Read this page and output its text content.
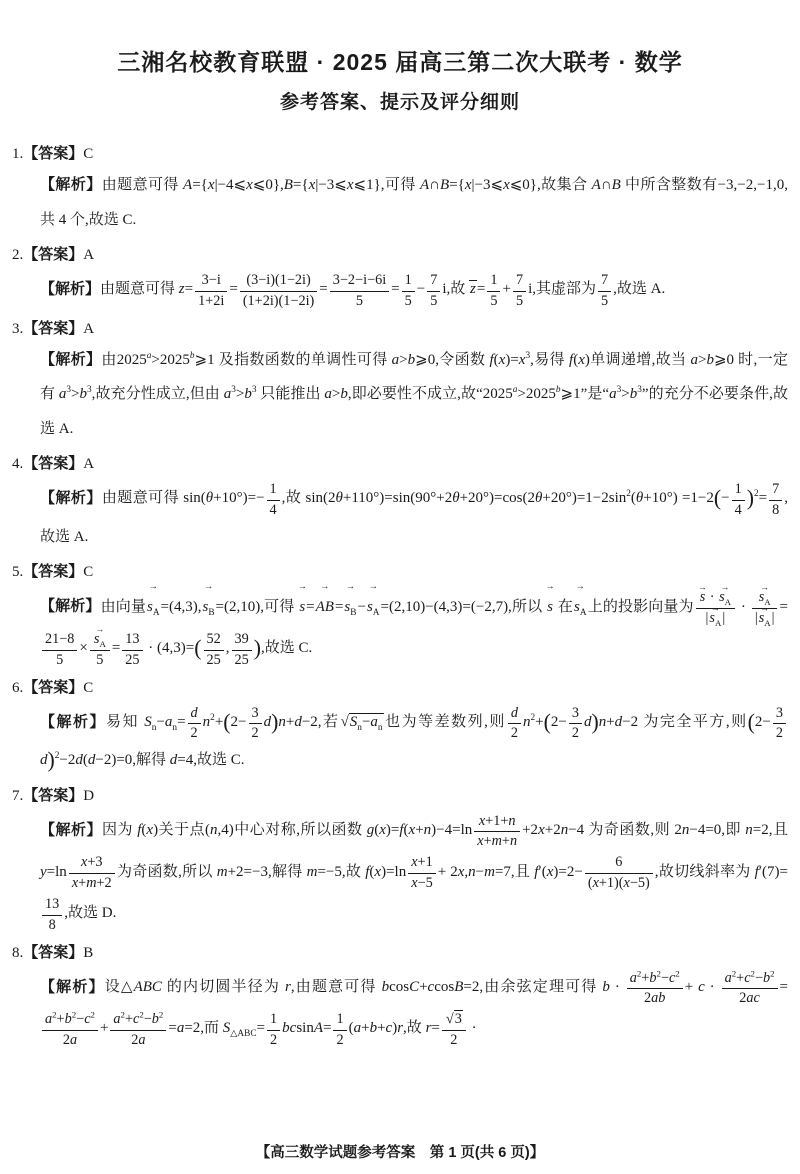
三湘名校教育联盟 · 2025 届高三第二次大联考 · 数学
参考答案、提示及评分细则
1.【答案】C
【解析】由题意可得 A={x|−4⩽x⩽0},B={x|−3⩽x⩽1},可得 A∩B={x|−3⩽x⩽0},故集合 A∩B 中所含整数有−3,−2,−1,0,共 4 个,故选 C.
2.【答案】A
【解析】由题意可得 $z= \frac{3-i}{1+2i} = \frac{(3-i)(1-2i)}{(1+2i)(1-2i)} = \frac{3-2-i-6i}{5} = \frac{1}{5} - \frac{7}{5} i$,故 $z= \frac{1}{5} + \frac{7}{5} i$,其虚部为 $\frac{7}{5}$ ,故选 A.
3.【答案】A
【解析】由$2025^a>2025^b⩾1$ 及指数函数的单调性可得 a>b⩾0,令函数 $f(x)=x^3$,易得 f(x)单调递增,故当 a>b⩾0 时,一定有 $a^3>b^3$,故充分性成立,但由 $a^3>b^3$ 只能推出 a>b,即必要性不成立,故“$2025^a>2025^b⩾1$”是“$a^3>b^3$”的充分不必要条件,故选 A.
4.【答案】A
【解析】由题意可得 $\sin(\theta+10^\circ)=- \frac{1}{4}$ ,故 $\sin(2\theta+110^\circ)=\sin(90^\circ+2\theta+20^\circ)=\cos(2\theta+20^\circ)=1-2\sin^2(\theta+10^\circ) =1-2(- \frac{1}{4} )^2= \frac{7}{8}$ ,故选 A.
5.【答案】C
【解析】由向量→ $s_A=(4,3),\to s_B=(2,10)$,可得 → $s=\to AB=\to s_B-\to s_A=(2,10)-(4,3)=(-2,7)$,所以 → s 在→ $s_A$上的投影向量为 → $\frac{s \cdot \to s_A}{|\to s_A|}$ · → $\frac{s_A}{|\to s_A|}$ =
$\frac{21-8}{5}$ × → $\frac{s_A}{5} = \frac{13}{25} \cdot (4,3)=( \frac{52}{25}$ , $\frac{39}{25}$ ),故选 C.
6.【答案】C
【解析】易知 $S_n-a_n= \frac{d}{2} n^2+(2- \frac{3}{2} d)n+d-2$,若$√S_n-a_n$也为等差数列,则 $\frac{d}{2} n^2+(2- \frac{3}{2} d)n+d-2$ 为完全平方,则($2- \frac{3}{2}$
d)$^2$−2d(d−2)=0,解得 d=4,故选 C.
7.【答案】D
【解析】因为 f(x)关于点(n,4)中心对称,所以函数 $g(x)=f(x+n)-4=\ln \frac{x+1+n}{x+m+n} +2x+2n-4$ 为奇函数,则 2n−4=0,即 n=2,且 $y=\ln \frac{x+3}{x+m+2}$ 为奇函数,所以 m+2=−3,解得 m=−5,故 $f(x)=\ln \frac{x+1}{x-5} + 2x,n-m=7$,且 $f'(x)=2- \frac{6}{(x+1)(x-5)}$ ,故切线斜率为 f′(7)=
$\frac{13}{8}$ ,故选 D.
8.【答案】B
【解析】设△ABC 的内切圆半径为 r,由题意可得 bcosC+ccosB=2,由余弦定理可得 $b \cdot \frac{a^2+b^2-c^2}{2ab} + c \cdot \frac{a^2+c^2-b^2}{2ac}$ =
$\frac{a^2+b^2-c^2}{2a} + \frac{a^2+c^2-b^2}{2a} =a=2$,而 $S_{\triangle ABC}= \frac{1}{2} bcsinA= \frac{1}{2} (a+b+c)r$,故 $r= \frac{√3}{2}$ ·
【高三数学试题参考答案　第 1 页(共 6 页)】
